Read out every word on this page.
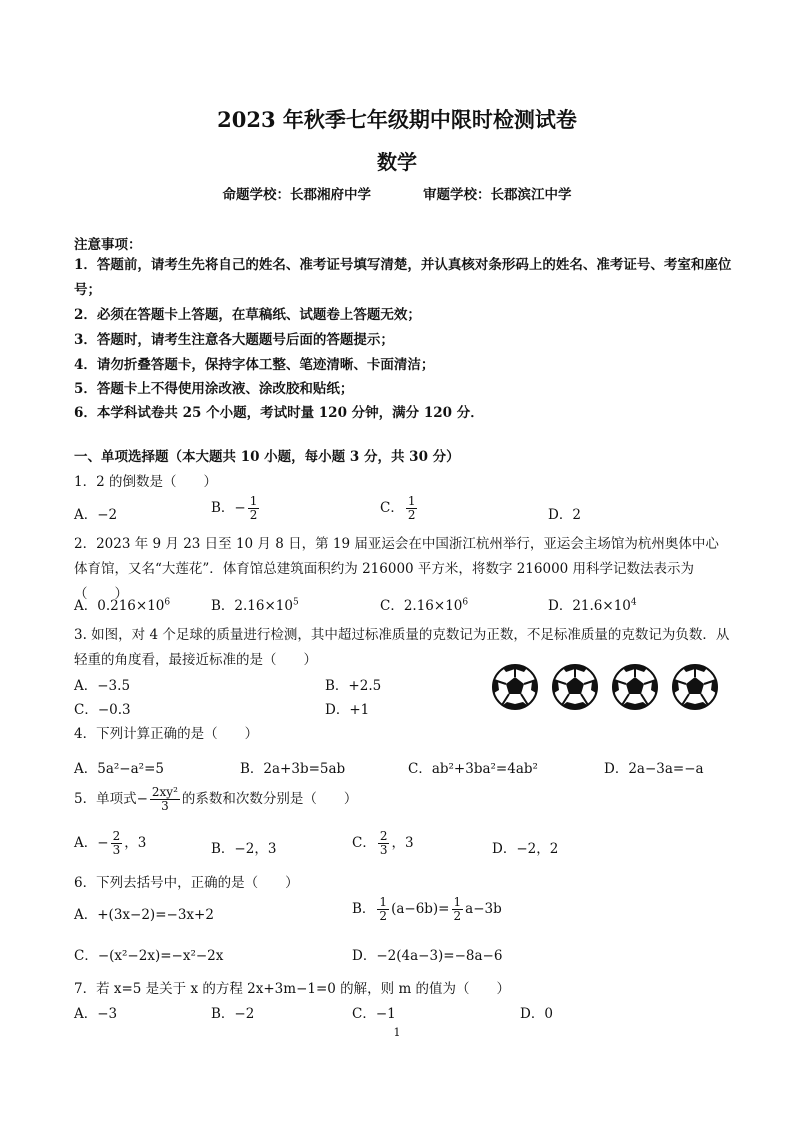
2023 年秋季七年级期中限时检测试卷
数学
命题学校：长郡湘府中学	审题学校：长郡滨江中学
注意事项：
1．答题前，请考生先将自己的姓名、准考证号填写清楚，并认真核对条形码上的姓名、准考证号、考室和座位号；
2．必须在答题卡上答题，在草稿纸、试题卷上答题无效；
3．答题时，请考生注意各大题题号后面的答题提示；
4．请勿折叠答题卡，保持字体工整、笔迹清晰、卡面清洁；
5．答题卡上不得使用涂改液、涂改胶和贴纸；
6．本学科试卷共 25 个小题，考试时量 120 分钟，满分 120 分．
一、单项选择题（本大题共 10 小题，每小题 3 分，共 30 分）
1．2 的倒数是（　　）
A．−2	B．− $\frac{1}{2}$	C． $\frac{1}{2}$	D．2
2．2023 年 9 月 23 日至 10 月 8 日，第 19 届亚运会在中国浙江杭州举行，亚运会主场馆为杭州奥体中心体育馆，又名“大莲花”．体育馆总建筑面积约为 216000 平方米，将数字 216000 用科学记数法表示为（　　）
A．$0.216\times 10^6$	B．$2.16\times 10^5$	C．$2.16\times 10^6$	D．$21.6\times 10^4$
3. 如图，对 4 个足球的质量进行检测，其中超过标准质量的克数记为正数，不足标准质量的克数记为负数．从轻重的角度看，最接近标准的是（　　）
A．−3.5	B．+2.5
C．−0.3	D．+1
4．下列计算正确的是（　　）
A．5a²−a²=5	B．2a+3b=5ab	C．ab²+3ba²=4ab²	D．2a−3a=−a
5．单项式− $\frac{\text{2xy²}}{3}$ 的系数和次数分别是（　　）
A．− $\frac{2}{3}$ ，3	B．−2，3	C． $\frac{2}{3}$ ，3	D．−2，2
6．下列去括号中，正确的是（　　）
A．+(3x−2)=−3x+2	B． $\frac{1}{2} (a-6b)= \frac{1}{2} a-3b$
C．−(x²−2x)=−x²−2x	D．−2(4a−3)=−8a−6
7．若 x=5 是关于 x 的方程 2x+3m−1=0 的解，则 m 的值为（　　）
A．−3	B．−2	C．−1	D．0
1
